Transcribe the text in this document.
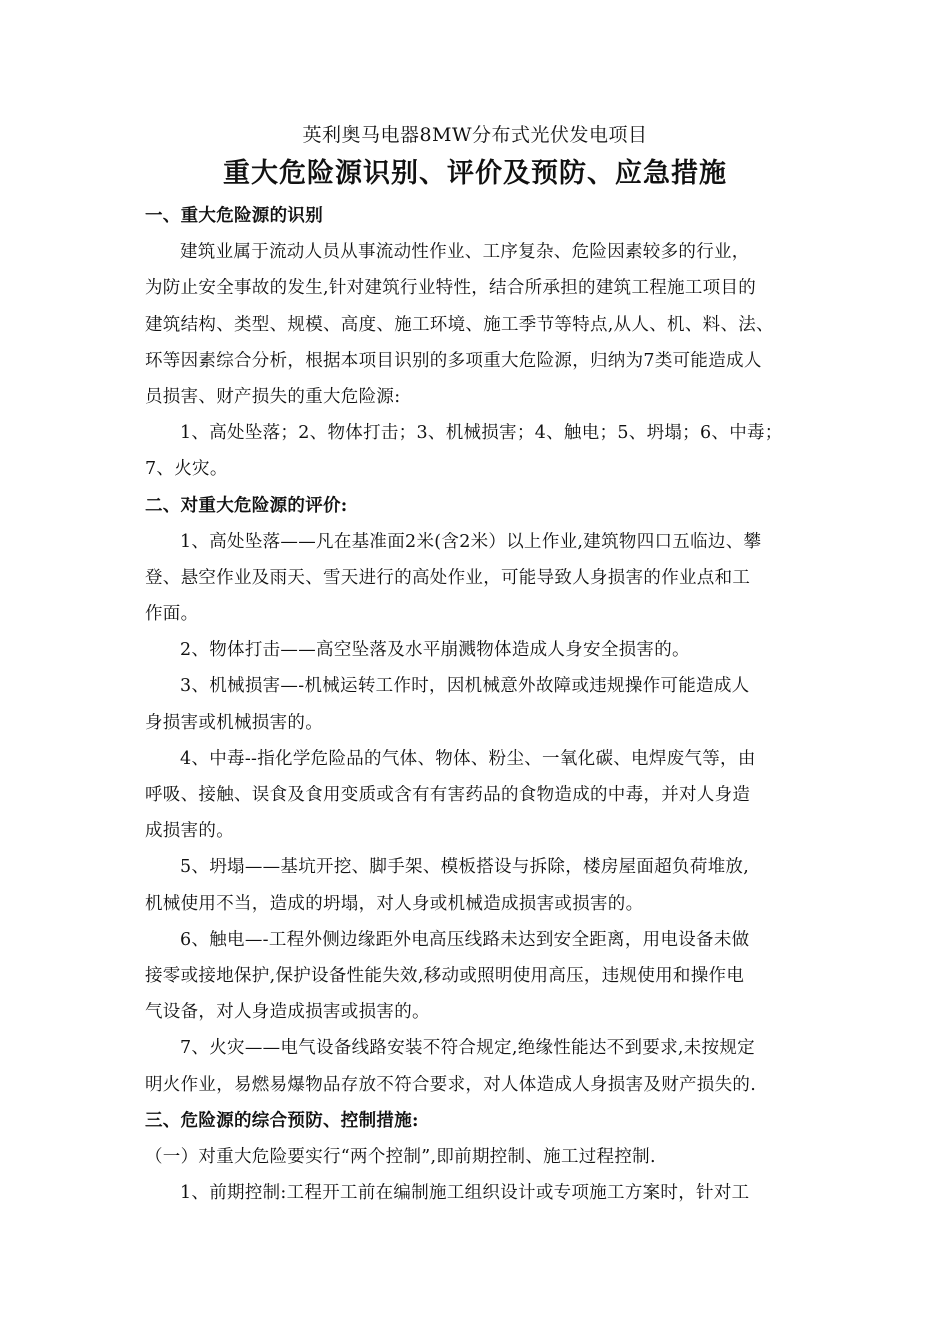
英利奥马电器8MW分布式光伏发电项目
重大危险源识别、评价及预防、应急措施
一、重大危险源的识别
建筑业属于流动人员从事流动性作业、工序复杂、危险因素较多的行业，
为防止安全事故的发生,针对建筑行业特性，结合所承担的建筑工程施工项目的
建筑结构、类型、规模、高度、施工环境、施工季节等特点,从人、机、料、法、
环等因素综合分析，根据本项目识别的多项重大危险源，归纳为7类可能造成人
员损害、财产损失的重大危险源:
1、高处坠落；2、物体打击；3、机械损害；4、触电；5、坍塌；6、中毒；
7、火灾。
二、对重大危险源的评价:
1、高处坠落——凡在基准面2米(含2米）以上作业,建筑物四口五临边、攀
登、悬空作业及雨天、雪天进行的高处作业，可能导致人身损害的作业点和工
作面。
2、物体打击——高空坠落及水平崩溅物体造成人身安全损害的。
3、机械损害—-机械运转工作时，因机械意外故障或违规操作可能造成人
身损害或机械损害的。
4、中毒--指化学危险品的气体、物体、粉尘、一氧化碳、电焊废气等，由
呼吸、接触、误食及食用变质或含有有害药品的食物造成的中毒，并对人身造
成损害的。
5、坍塌——基坑开挖、脚手架、模板搭设与拆除，楼房屋面超负荷堆放,
机械使用不当，造成的坍塌，对人身或机械造成损害或损害的。
6、触电—-工程外侧边缘距外电高压线路未达到安全距离，用电设备未做
接零或接地保护,保护设备性能失效,移动或照明使用高压，违规使用和操作电
气设备，对人身造成损害或损害的。
7、火灾——电气设备线路安装不符合规定,绝缘性能达不到要求,未按规定
明火作业，易燃易爆物品存放不符合要求，对人体造成人身损害及财产损失的.
三、危险源的综合预防、控制措施:
（一）对重大危险要实行“两个控制”,即前期控制、施工过程控制.
1、前期控制:工程开工前在编制施工组织设计或专项施工方案时，针对工
